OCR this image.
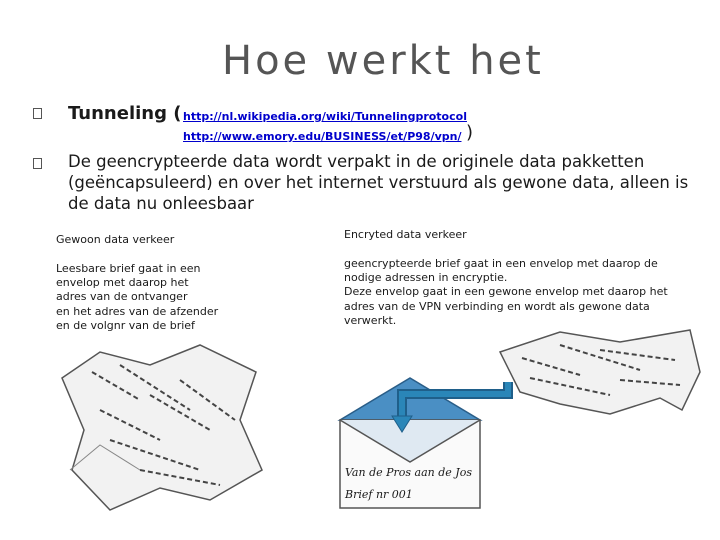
Hoe werkt het
Tunneling ( http://nl.wikipedia.org/wiki/Tunnelingprotocol
http://www.emory.edu/BUSINESS/et/P98/vpn/ )
De geencrypteerde data wordt verpakt in de originele data pakketten (geëncapsuleerd) en over het internet verstuurd als gewone data, alleen is de data nu onleesbaar
Gewoon data verkeer	Encryted data verkeer
Leesbare brief gaat in een
envelop met daarop het
adres van de ontvanger
en het adres van de afzender
en de volgnr van de brief
geencrypteerde brief gaat in een envelop met daarop de
nodige adressen in encryptie.
Deze envelop gaat in een gewone envelop met daarop het
adres van de VPN verbinding en wordt als gewone data
verwerkt.
Van de Pros aan de Jos
Brief nr 001
